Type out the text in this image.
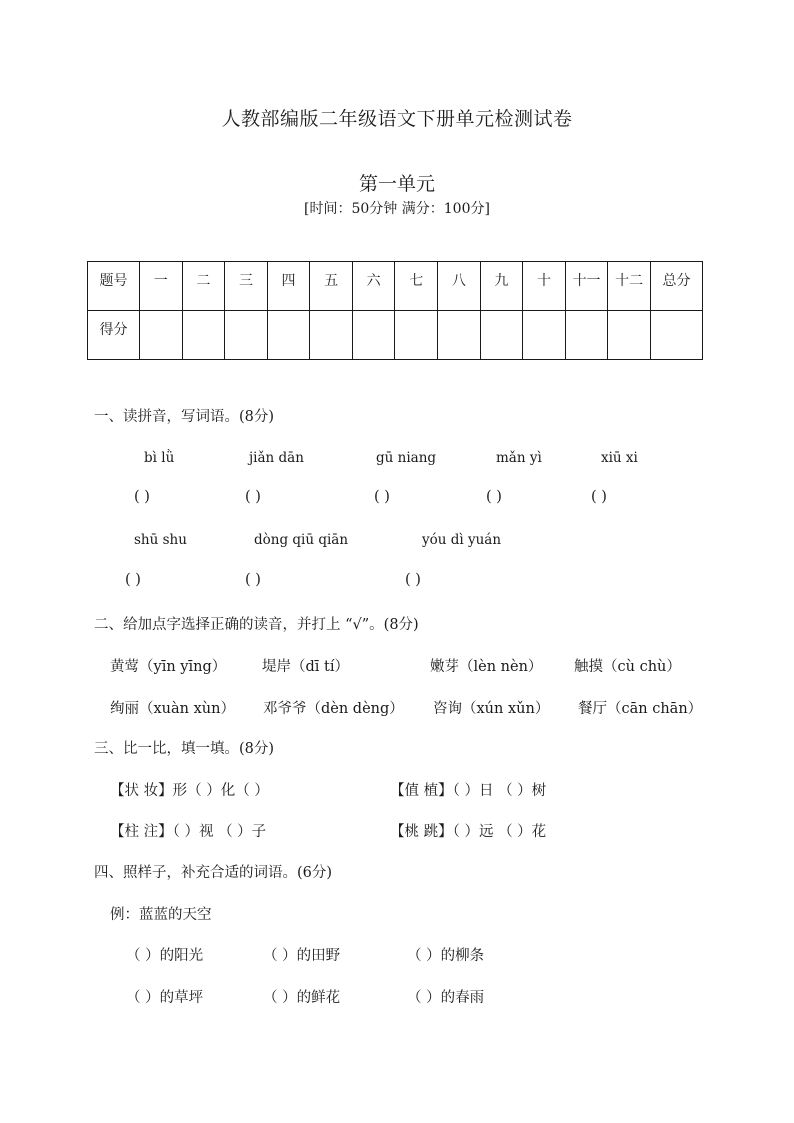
人教部编版二年级语文下册单元检测试卷
第一单元
[时间：50分钟 满分：100分]
题号	一	二	三	四	五	六	七	八	九	十	十一	十二	总分
得分													
一、读拼音，写词语。(8分)
bì lǜ	jiǎn dān	gū niang	mǎn yì	xiū xi
( )	( )	( )	( )	( )
shū shu	dòng qiū qiān	yóu dì yuán
( )	( )	( )
二、给加点字选择正确的读音，并打上 “√”。(8分)
黄莺（yīn yīng） 堤岸（dī tí）	嫩芽（lèn nèn） 触摸（cù chù）
绚丽（xuàn xùn） 邓爷爷（dèn dèng） 咨询（xún xǔn） 餐厅（cān chān）
三、比一比，填一填。(8分)
【状 妆】形（ ）化（ ）	【值 植】（ ）日 （ ）树
【柱 注】（ ）视 （ ）子	【桃 跳】（ ）远 （ ）花
四、照样子，补充合适的词语。(6分)
例：蓝蓝的天空
（ ）的阳光	（ ）的田野	（ ）的柳条
（ ）的草坪	（ ）的鲜花	（ ）的春雨
